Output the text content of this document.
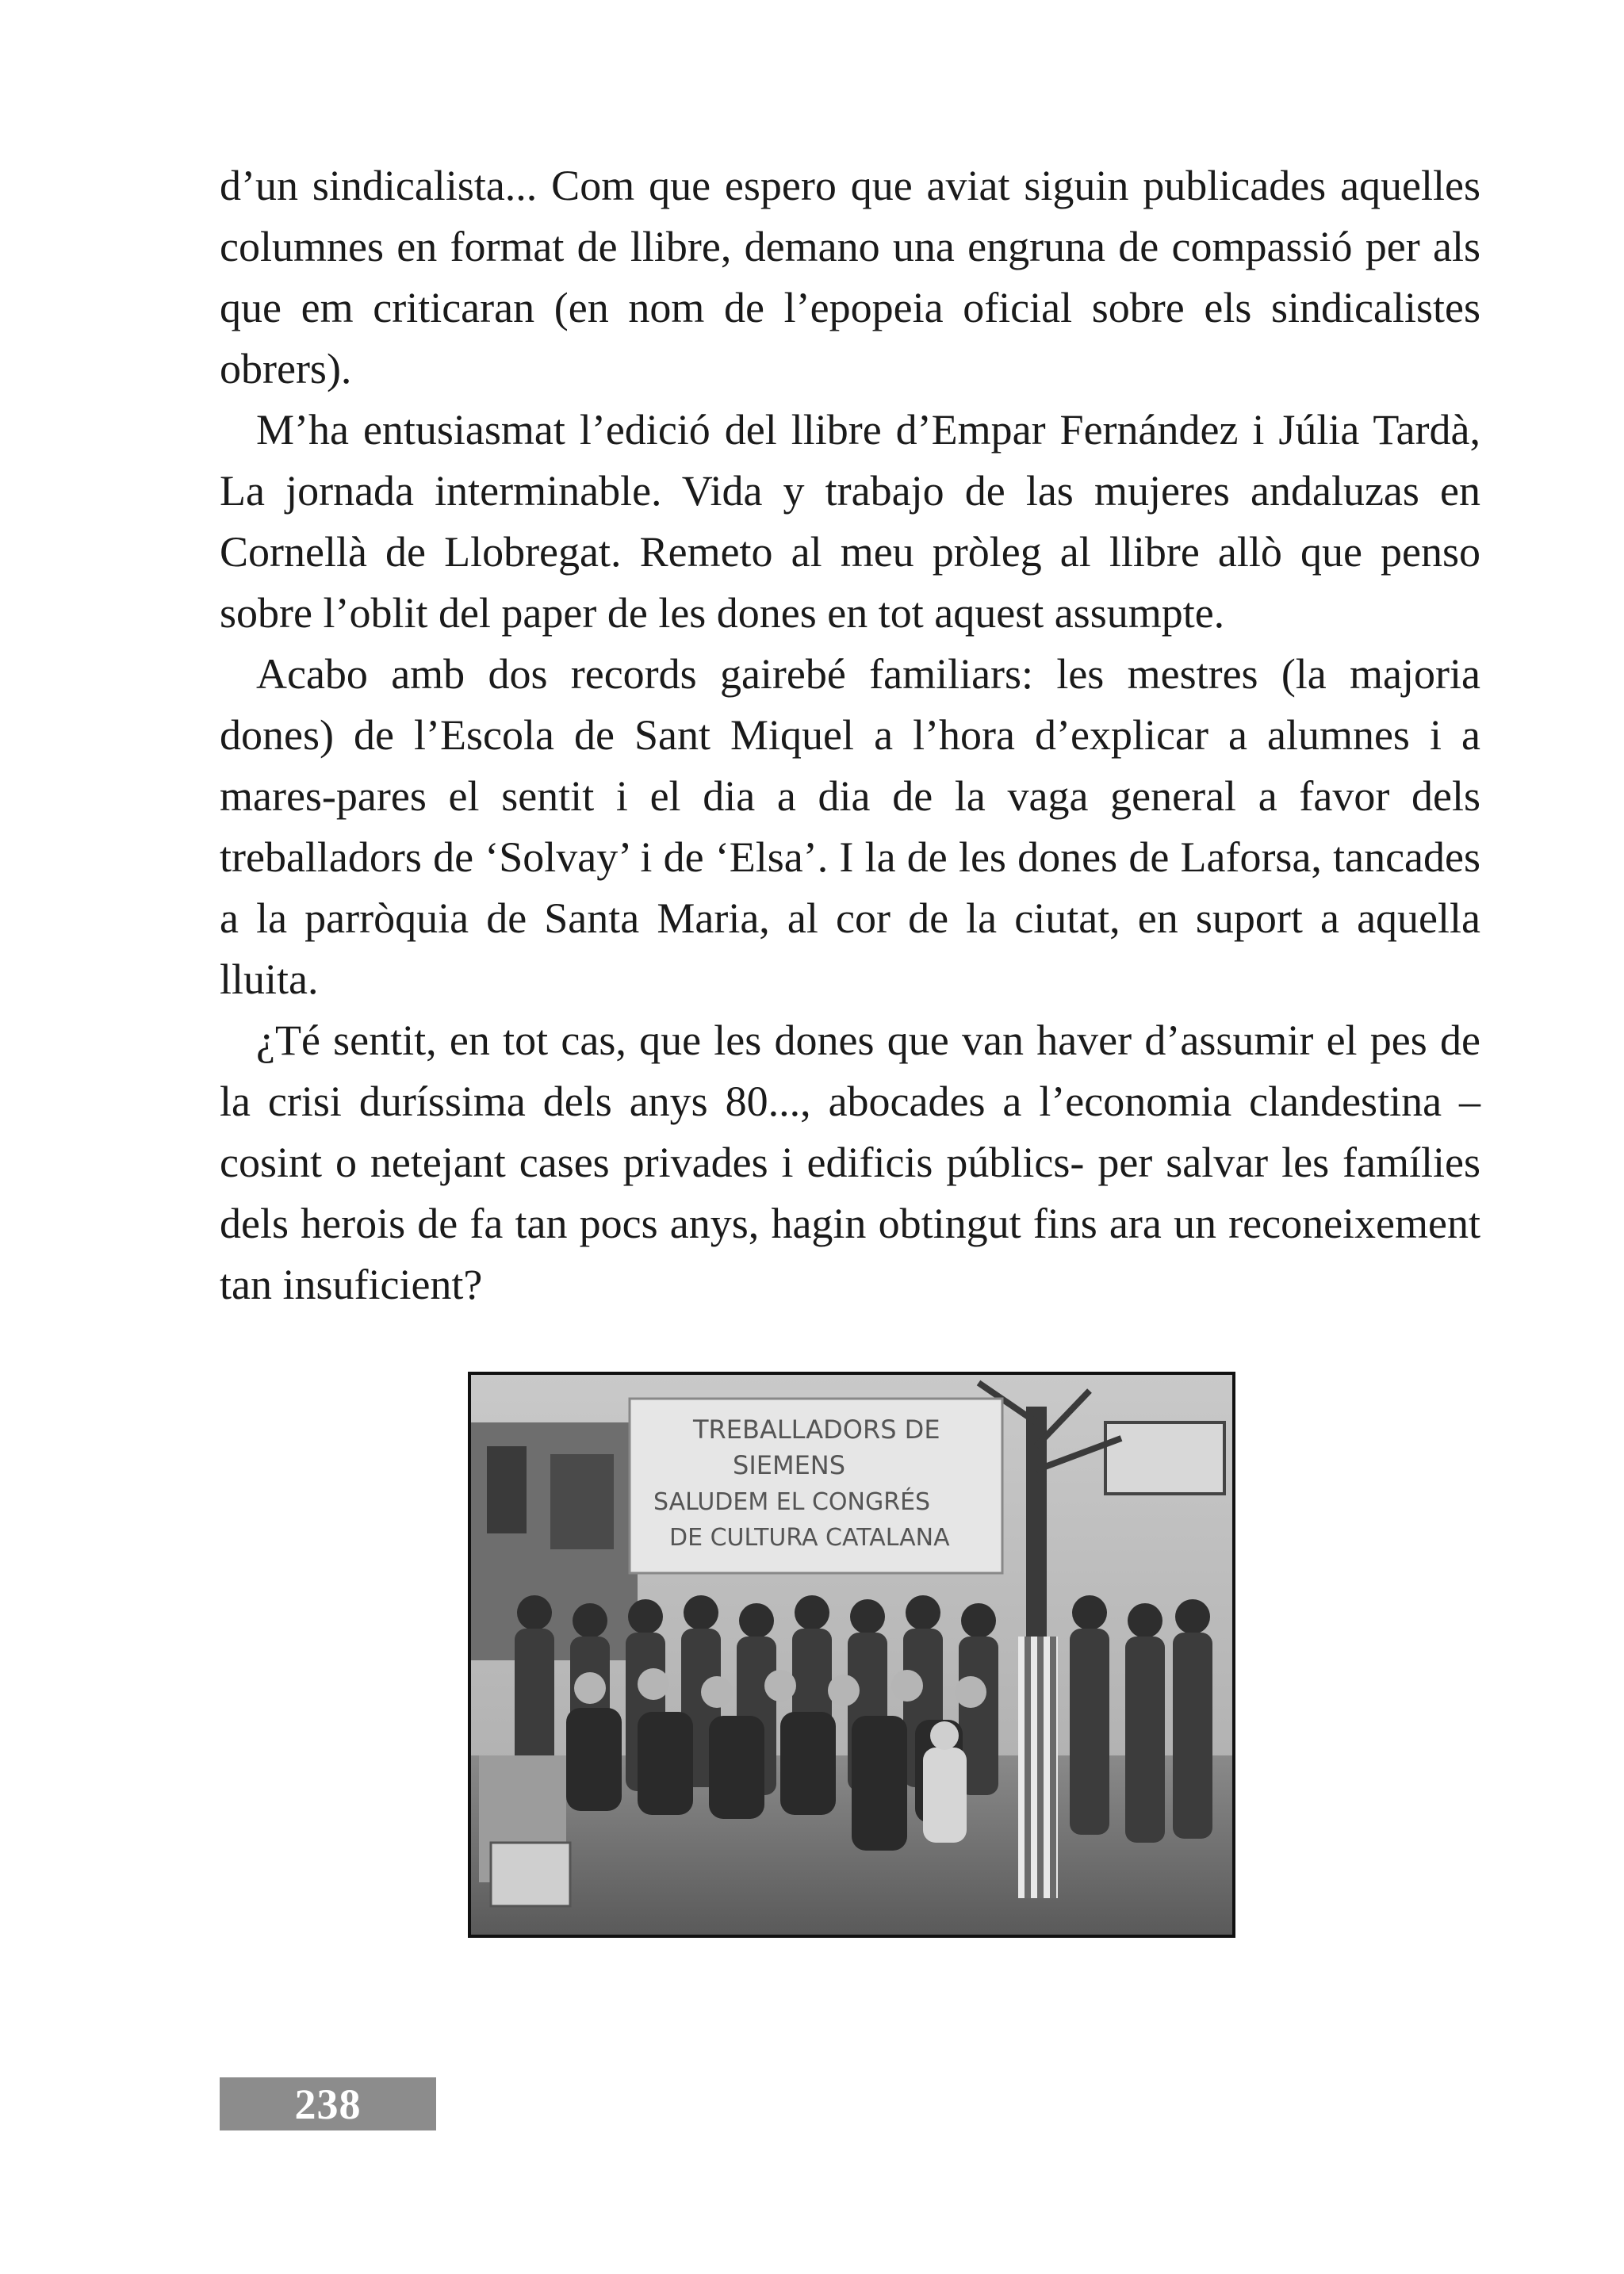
d’un sindicalista... Com que espero que aviat siguin publicades aquelles columnes en format de llibre, demano una engruna de compassió per als que em criticaran (en nom de l’epopeia oficial sobre els sindicalistes obrers).

M’ha entusiasmat l’edició del llibre d’Empar Fernández i Júlia Tardà, La jornada interminable. Vida y trabajo de las mujeres andaluzas en Cornellà de Llobregat. Remeto al meu pròleg al llibre allò que penso sobre l’oblit del paper de les dones en tot aquest assumpte.

Acabo amb dos records gairebé familiars: les mestres (la majoria dones) de l’Escola de Sant Miquel a l’hora d’explicar a alumnes i a mares-pares el sentit i el dia a dia de la vaga general a favor dels treballadors de ‘Solvay’ i de ‘Elsa’. I la de les dones de Laforsa, tancades a la parròquia de Santa Maria, al cor de la ciutat, en suport a aquella lluita.

¿Té sentit, en tot cas, que les dones que van haver d’assumir el pes de la crisi duríssima dels anys 80..., abocades a l’economia clandestina –cosint o netejant cases privades i edificis públics- per salvar les famílies dels herois de fa tan pocs anys, hagin obtingut fins ara un reconeixement tan insuficient?

TREBALLADORS DE
SIEMENS
SALUDEM EL CONGRÉS
DE CULTURA CATALANA
238
